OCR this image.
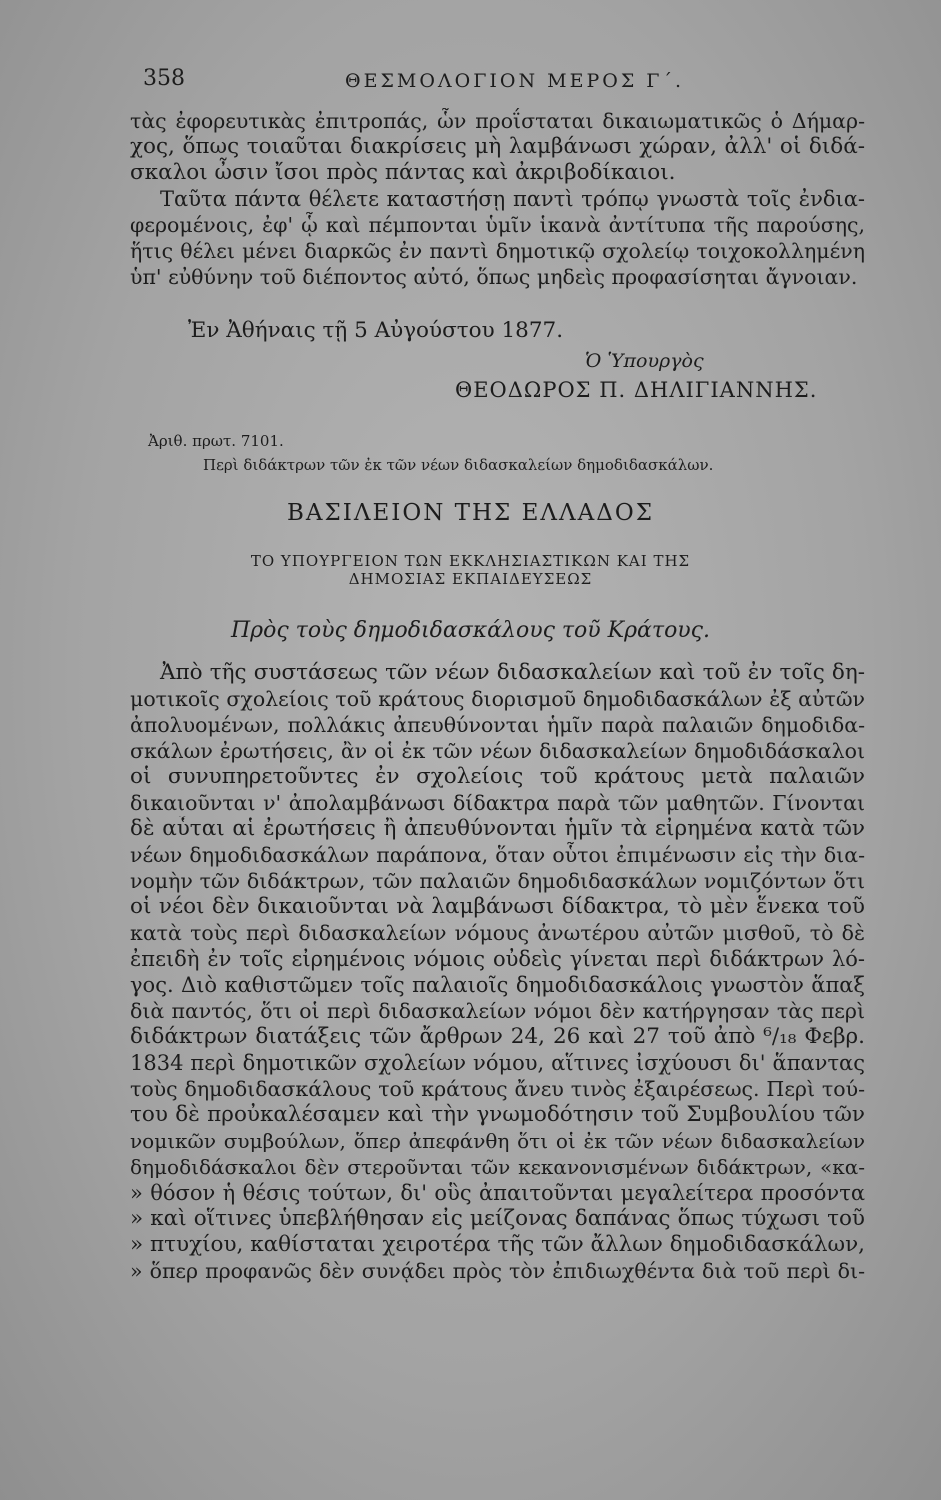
358	ΘΕΣΜΟΛΟΓΙΟΝ ΜΕΡΟΣ Γ΄.
τὰς ἐφορευτικὰς ἐπιτροπάς, ὧν προΐσταται δικαιωματικῶς ὁ Δήμαρ-
χος, ὅπως τοιαῦται διακρίσεις μὴ λαμβάνωσι χώραν, ἀλλ' οἱ διδά-
σκαλοι ὦσιν ἴσοι πρὸς πάντας καὶ ἀκριβοδίκαιοι.
Ταῦτα πάντα θέλετε καταστήσῃ παντὶ τρόπῳ γνωστὰ τοῖς ἐνδια-
φερομένοις, ἐφ' ᾧ καὶ πέμπονται ὑμῖν ἱκανὰ ἀντίτυπα τῆς παρούσης,
ἥτις θέλει μένει διαρκῶς ἐν παντὶ δημοτικῷ σχολείῳ τοιχοκολλημένη
ὑπ' εὐθύνην τοῦ διέποντος αὐτό, ὅπως μηδεὶς προφασίσηται ἄγνοιαν.
Ἐν Ἀθήναις τῇ 5 Αὐγούστου 1877.
Ὁ Ὑπουργὸς
ΘΕΟΔΩΡΟΣ Π. ΔΗΛΙΓΙΑΝΝΗΣ.
Ἀριθ. πρωτ. 7101.
Περὶ διδάκτρων τῶν ἐκ τῶν νέων διδασκαλείων δημοδιδασκάλων.
ΒΑΣΙΛΕΙΟΝ ΤΗΣ ΕΛΛΑΔΟΣ
ΤΟ ΥΠΟΥΡΓΕΙΟΝ ΤΩΝ ΕΚΚΛΗΣΙΑΣΤΙΚΩΝ ΚΑΙ ΤΗΣ
ΔΗΜΟΣΙΑΣ ΕΚΠΑΙΔΕΥΣΕΩΣ
Πρὸς τοὺς δημοδιδασκάλους τοῦ Κράτους.
Ἀπὸ τῆς συστάσεως τῶν νέων διδασκαλείων καὶ τοῦ ἐν τοῖς δη-
μοτικοῖς σχολείοις τοῦ κράτους διορισμοῦ δημοδιδασκάλων ἐξ αὐτῶν
ἀπολυομένων, πολλάκις ἀπευθύνονται ἡμῖν παρὰ παλαιῶν δημοδιδα-
σκάλων ἐρωτήσεις, ἂν οἱ ἐκ τῶν νέων διδασκαλείων δημοδιδάσκαλοι
οἱ συνυπηρετοῦντες ἐν σχολείοις τοῦ κράτους μετὰ παλαιῶν
δικαιοῦνται ν' ἀπολαμβάνωσι δίδακτρα παρὰ τῶν μαθητῶν. Γίνονται
δὲ αὗται αἱ ἐρωτήσεις ἢ ἀπευθύνονται ἡμῖν τὰ εἰρημένα κατὰ τῶν
νέων δημοδιδασκάλων παράπονα, ὅταν οὗτοι ἐπιμένωσιν εἰς τὴν δια-
νομὴν τῶν διδάκτρων, τῶν παλαιῶν δημοδιδασκάλων νομιζόντων ὅτι
οἱ νέοι δὲν δικαιοῦνται νὰ λαμβάνωσι δίδακτρα, τὸ μὲν ἕνεκα τοῦ
κατὰ τοὺς περὶ διδασκαλείων νόμους ἀνωτέρου αὐτῶν μισθοῦ, τὸ δὲ
ἐπειδὴ ἐν τοῖς εἰρημένοις νόμοις οὐδεὶς γίνεται περὶ διδάκτρων λό-
γος. Διὸ καθιστῶμεν τοῖς παλαιοῖς δημοδιδασκάλοις γνωστὸν ἅπαξ
διὰ παντός, ὅτι οἱ περὶ διδασκαλείων νόμοι δὲν κατήργησαν τὰς περὶ
διδάκτρων διατάξεις τῶν ἄρθρων 24, 26 καὶ 27 τοῦ ἀπὸ ⁶/₁₈ Φεβρ.
1834 περὶ δημοτικῶν σχολείων νόμου, αἵτινες ἰσχύουσι δι' ἅπαντας
τοὺς δημοδιδασκάλους τοῦ κράτους ἄνευ τινὸς ἐξαιρέσεως. Περὶ τού-
του δὲ προὐκαλέσαμεν καὶ τὴν γνωμοδότησιν τοῦ Συμβουλίου τῶν
νομικῶν συμβούλων, ὅπερ ἀπεφάνθη ὅτι οἱ ἐκ τῶν νέων διδασκαλείων
δημοδιδάσκαλοι δὲν στεροῦνται τῶν κεκανονισμένων διδάκτρων, «κα-
» θόσον ἡ θέσις τούτων, δι' οὓς ἀπαιτοῦνται μεγαλείτερα προσόντα
» καὶ οἵτινες ὑπεβλήθησαν εἰς μείζονας δαπάνας ὅπως τύχωσι τοῦ
» πτυχίου, καθίσταται χειροτέρα τῆς τῶν ἄλλων δημοδιδασκάλων,
» ὅπερ προφανῶς δὲν συνᾴδει πρὸς τὸν ἐπιδιωχθέντα διὰ τοῦ περὶ δι-
